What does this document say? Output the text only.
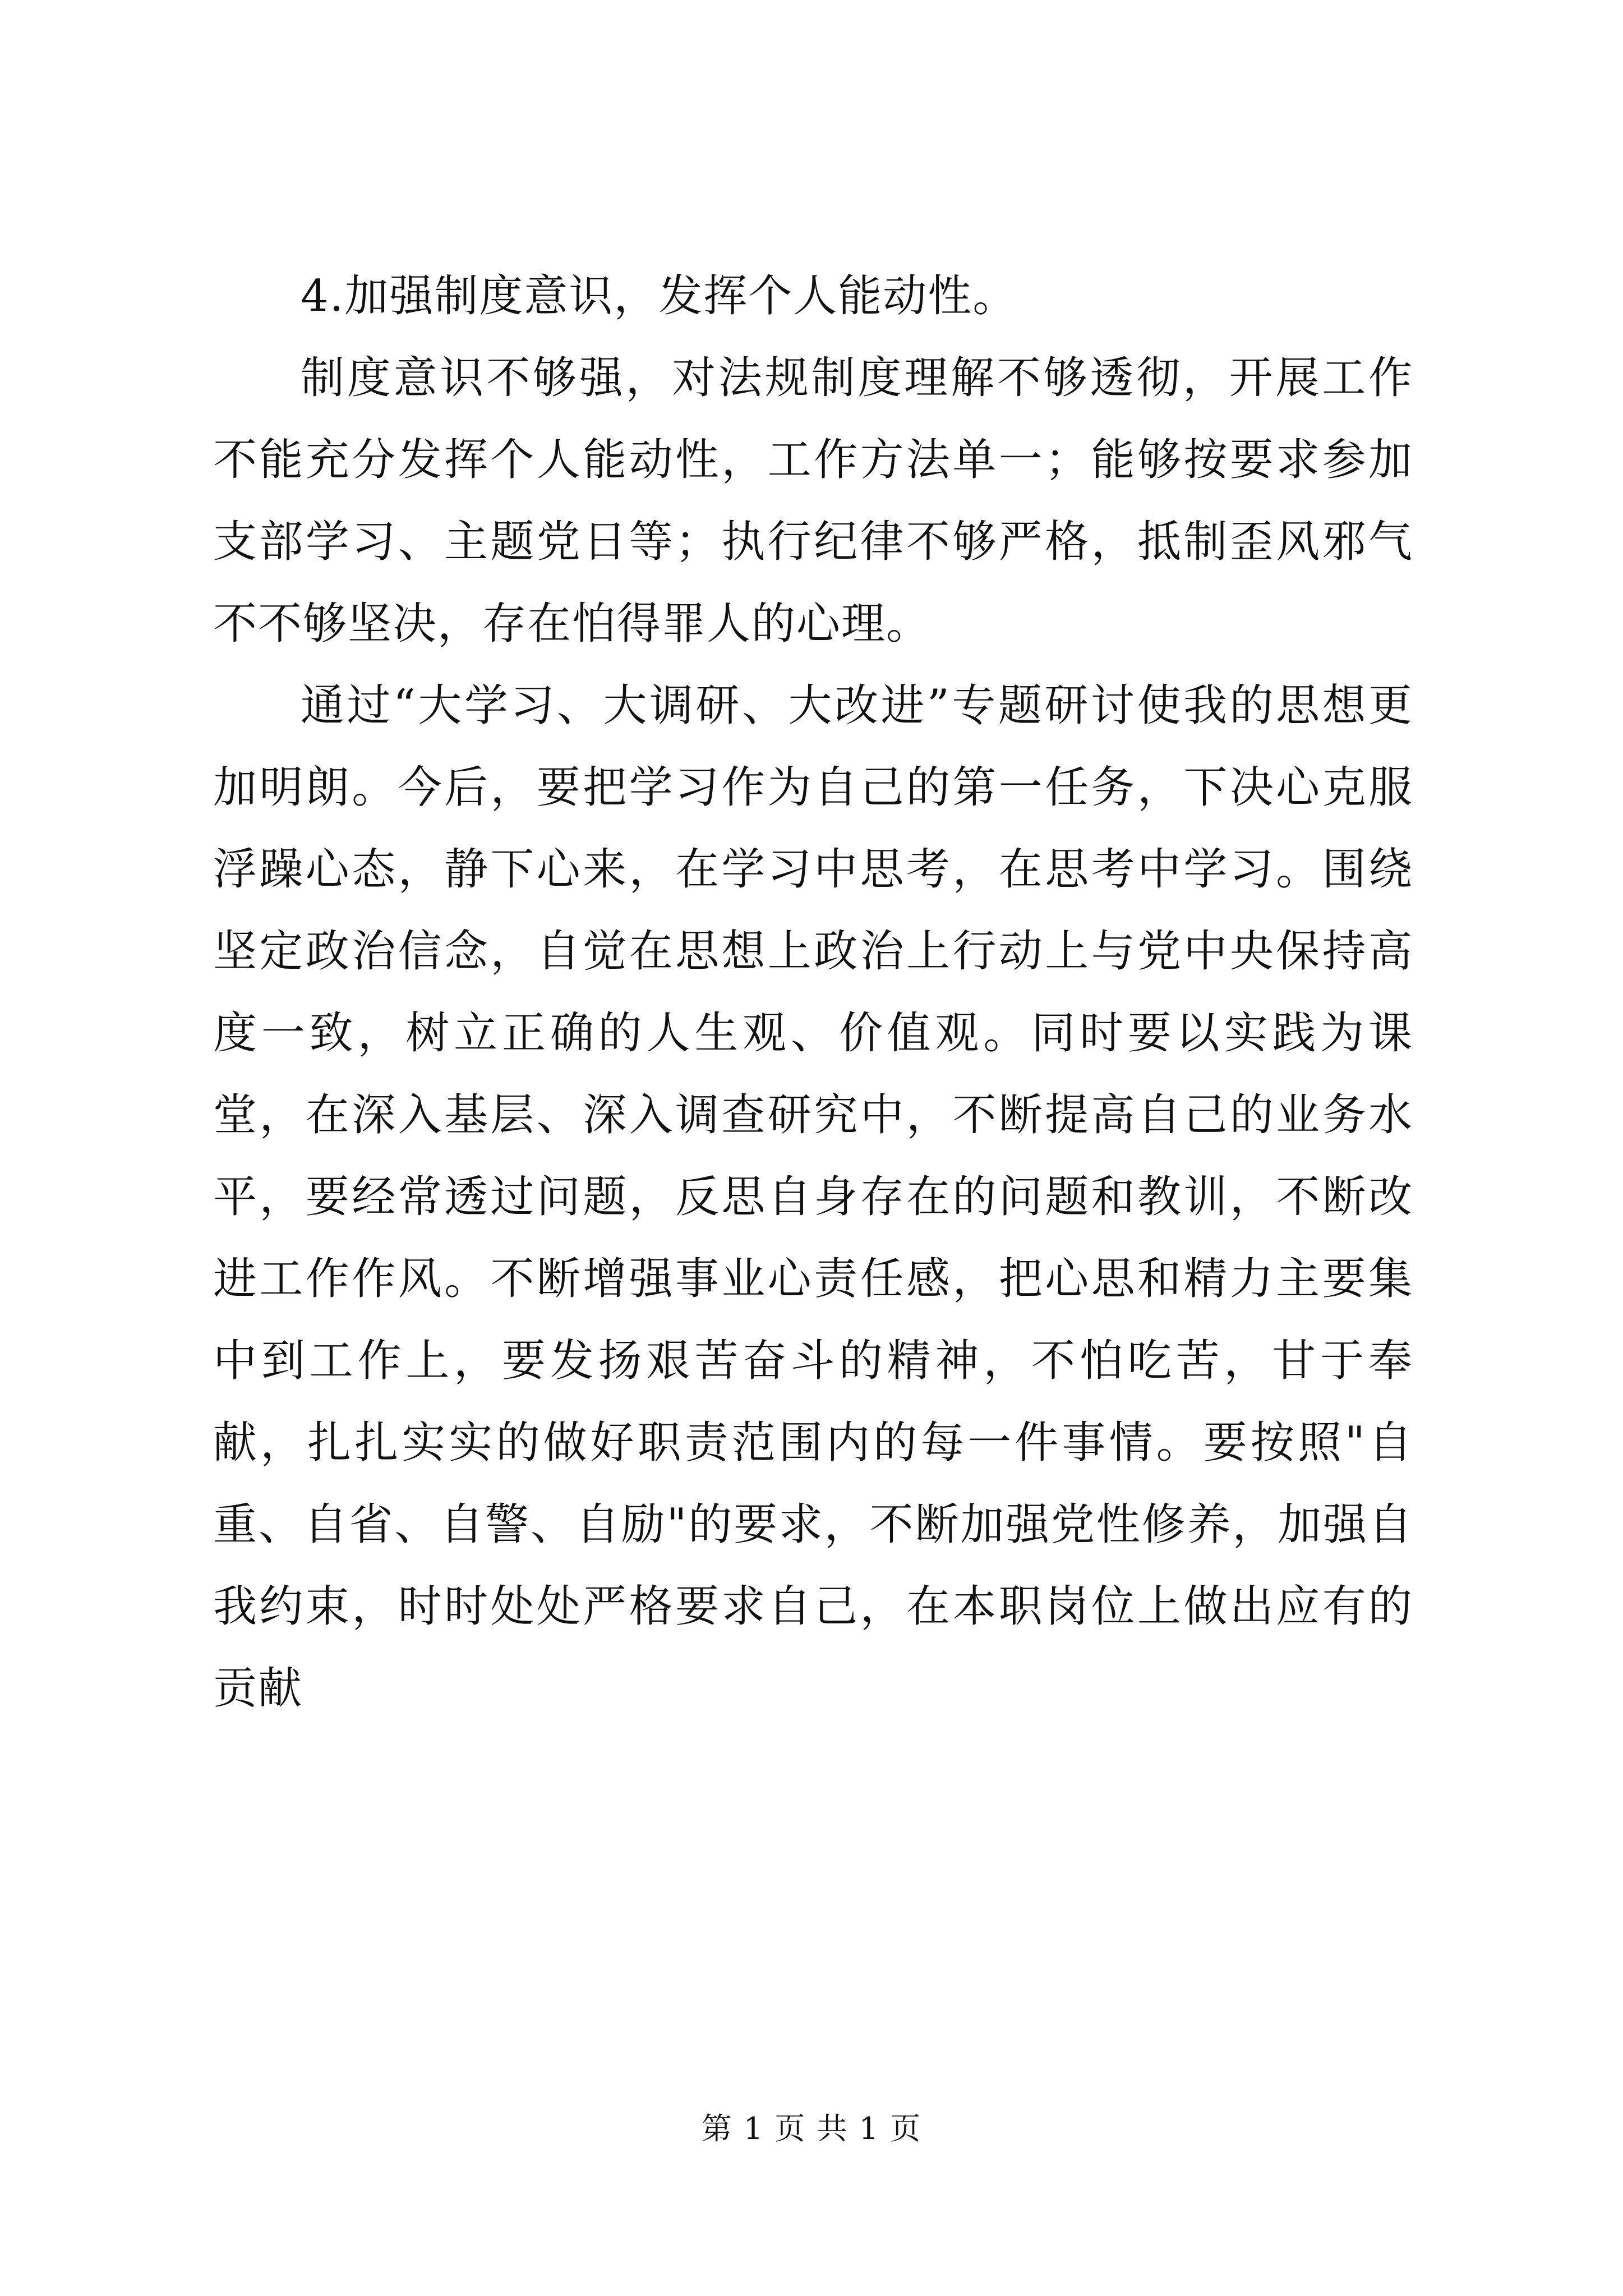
4.加强制度意识，发挥个人能动性。

制度意识不够强，对法规制度理解不够透彻，开展工作不能充分发挥个人能动性，工作方法单一；能够按要求参加支部学习、主题党日等；执行纪律不够严格，抵制歪风邪气不不够坚决，存在怕得罪人的心理。

通过“大学习、大调研、大改进”专题研讨使我的思想更加明朗。今后，要把学习作为自己的第一任务，下决心克服浮躁心态，静下心来，在学习中思考，在思考中学习。围绕坚定政治信念，自觉在思想上政治上行动上与党中央保持高度一致，树立正确的人生观、价值观。同时要以实践为课堂，在深入基层、深入调查研究中，不断提高自己的业务水平，要经常透过问题，反思自身存在的问题和教训，不断改进工作作风。不断增强事业心责任感，把心思和精力主要集中到工作上，要发扬艰苦奋斗的精神，不怕吃苦，甘于奉献，扎扎实实的做好职责范围内的每一件事情。要按照"自重、自省、自警、自励"的要求，不断加强党性修养，加强自我约束，时时处处严格要求自己，在本职岗位上做出应有的贡献

第 1 页 共 1 页
